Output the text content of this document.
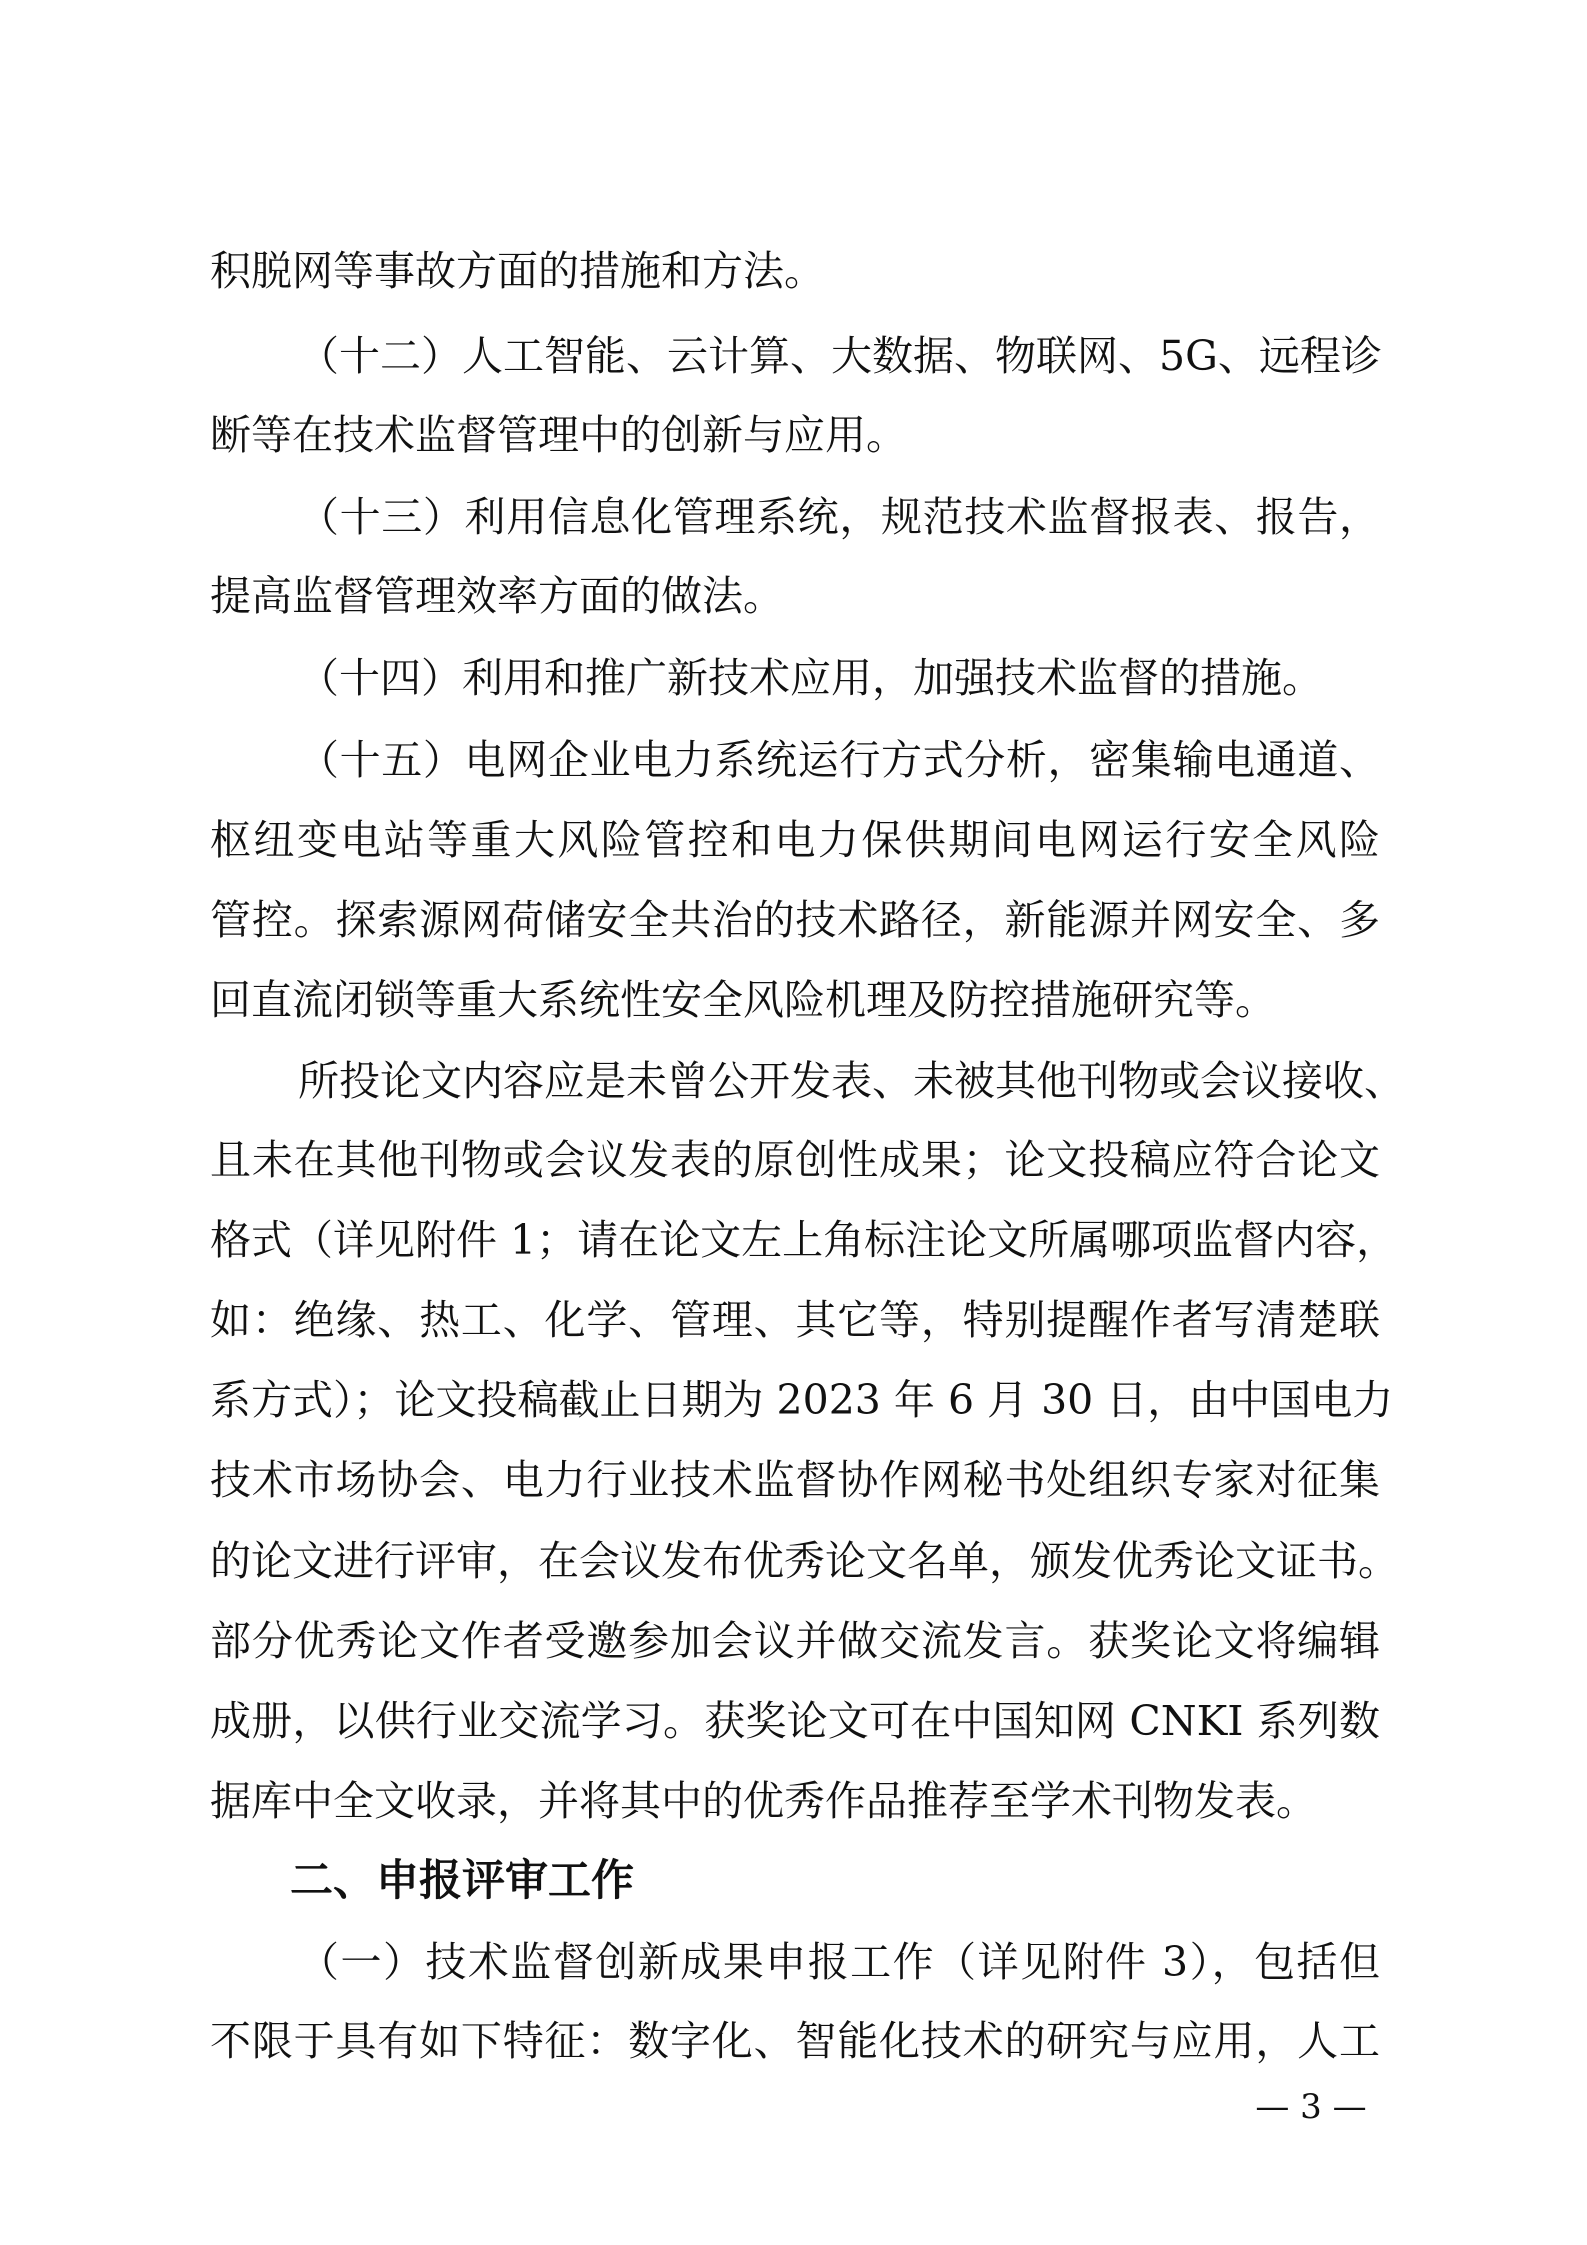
积脱网等事故方面的措施和方法。
（十二）人工智能、云计算、大数据、物联网、5G、远程诊
断等在技术监督管理中的创新与应用。
（十三）利用信息化管理系统，规范技术监督报表、报告，
提高监督管理效率方面的做法。
（十四）利用和推广新技术应用，加强技术监督的措施。
（十五）电网企业电力系统运行方式分析，密集输电通道、
枢纽变电站等重大风险管控和电力保供期间电网运行安全风险
管控。探索源网荷储安全共治的技术路径，新能源并网安全、多
回直流闭锁等重大系统性安全风险机理及防控措施研究等。
所投论文内容应是未曾公开发表、未被其他刊物或会议接收、
且未在其他刊物或会议发表的原创性成果；论文投稿应符合论文
格式（详见附件 1；请在论文左上角标注论文所属哪项监督内容，
如：绝缘、热工、化学、管理、其它等，特别提醒作者写清楚联
系方式）；论文投稿截止日期为 2023 年 6 月 30 日，由中国电力
技术市场协会、电力行业技术监督协作网秘书处组织专家对征集
的论文进行评审，在会议发布优秀论文名单，颁发优秀论文证书。
部分优秀论文作者受邀参加会议并做交流发言。获奖论文将编辑
成册，以供行业交流学习。获奖论文可在中国知网 CNKI 系列数
据库中全文收录，并将其中的优秀作品推荐至学术刊物发表。
二、申报评审工作
（一）技术监督创新成果申报工作（详见附件 3），包括但
不限于具有如下特征：数字化、智能化技术的研究与应用，人工
— 3 —
